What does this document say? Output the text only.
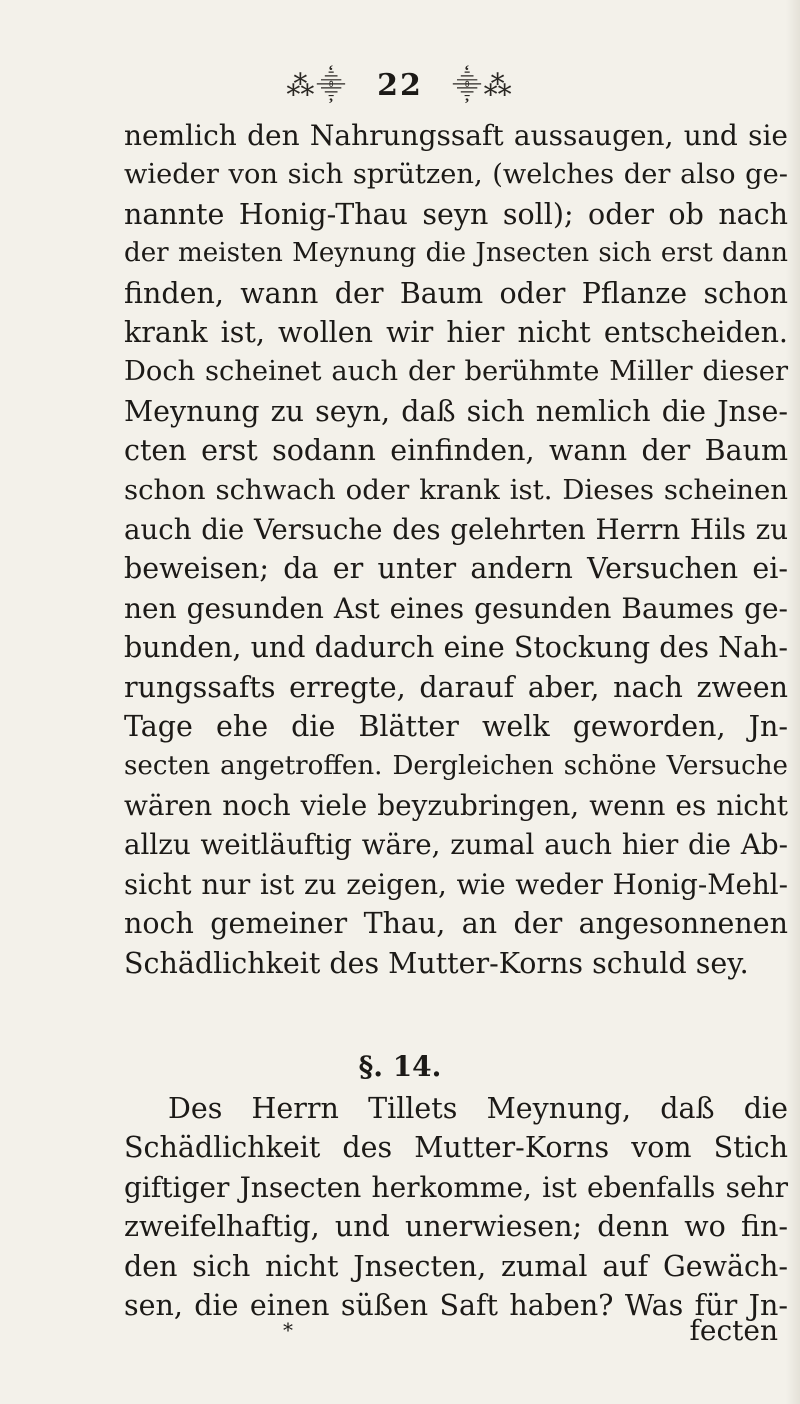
⁂⸎ 22 ⸎⁂
nemlich den Nahrungssaft aussaugen, und sie
wieder von sich sprützen, (welches der also ge-
nannte Honig-Thau seyn soll); oder ob nach
der meisten Meynung die Jnsecten sich erst dann
finden, wann der Baum oder Pflanze schon
krank ist, wollen wir hier nicht entscheiden.
Doch scheinet auch der berühmte Miller dieser
Meynung zu seyn, daß sich nemlich die Jnse-
cten erst sodann einfinden, wann der Baum
schon schwach oder krank ist. Dieses scheinen
auch die Versuche des gelehrten Herrn Hils zu
beweisen; da er unter andern Versuchen ei-
nen gesunden Ast eines gesunden Baumes ge-
bunden, und dadurch eine Stockung des Nah-
rungssafts erregte, darauf aber, nach zween
Tage ehe die Blätter welk geworden, Jn-
secten angetroffen. Dergleichen schöne Versuche
wären noch viele beyzubringen, wenn es nicht
allzu weitläuftig wäre, zumal auch hier die Ab-
sicht nur ist zu zeigen, wie weder Honig-Mehl-
noch gemeiner Thau, an der angesonnenen
Schädlichkeit des Mutter-Korns schuld sey.
§. 14.
Des Herrn Tillets Meynung, daß die
Schädlichkeit des Mutter-Korns vom Stich
giftiger Jnsecten herkomme, ist ebenfalls sehr
zweifelhaftig, und unerwiesen; denn wo fin-
den sich nicht Jnsecten, zumal auf Gewäch-
sen, die einen süßen Saft haben? Was für Jn-
*	fecten
